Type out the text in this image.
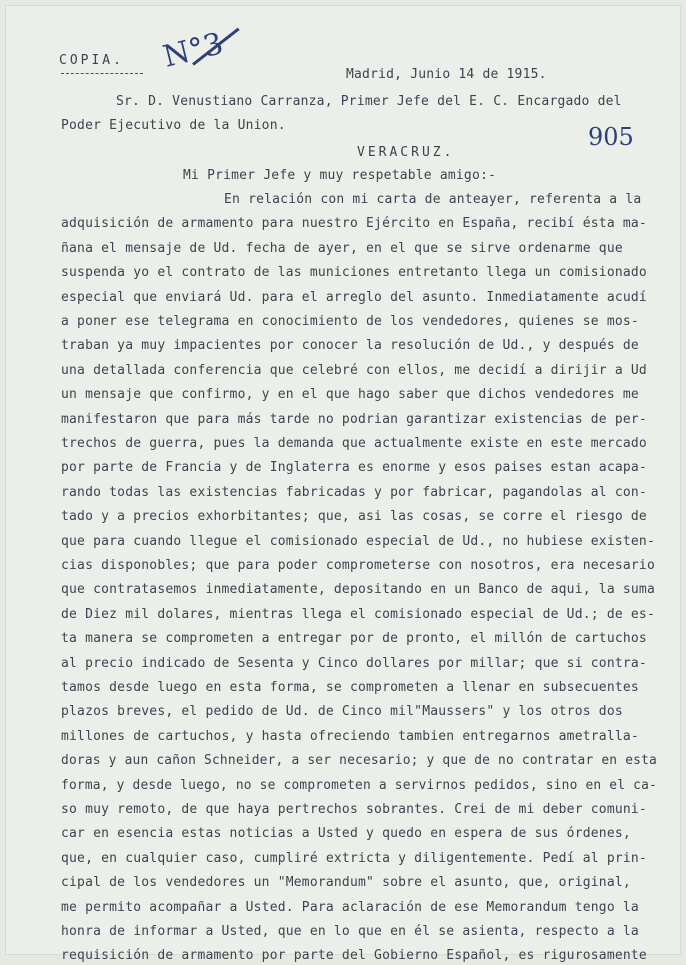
COPIA. N°3
905
Madrid, Junio 14 de 1915.
Sr. D. Venustiano Carranza, Primer Jefe del E. C. Encargado del
Poder Ejecutivo de la Union.
VERACRUZ.
Mi Primer Jefe y muy respetable amigo:-
En relación con mi carta de anteayer, referenta a la
adquisición de armamento para nuestro Ejército en España, recibí ésta ma-
ñana el mensaje de Ud. fecha de ayer, en el que se sirve ordenarme que
suspenda yo el contrato de las municiones entretanto llega un comisionado
especial que enviará Ud. para el arreglo del asunto. Inmediatamente acudí
a poner ese telegrama en conocimiento de los vendedores, quienes se mos-
traban ya muy impacientes por conocer la resolución de Ud., y después de
una detallada conferencia que celebré con ellos, me decidí a dirijir a Ud
un mensaje que confirmo, y en el que hago saber que dichos vendedores me
manifestaron que para más tarde no podrian garantizar existencias de per-
trechos de guerra, pues la demanda que actualmente existe en este mercado
por parte de Francia y de Inglaterra es enorme y esos paises estan acapa-
rando todas las existencias fabricadas y por fabricar, pagandolas al con-
tado y a precios exhorbitantes; que, asi las cosas, se corre el riesgo de
que para cuando llegue el comisionado especial de Ud., no hubiese existen-
cias disponobles; que para poder comprometerse con nosotros, era necesario
que contratasemos inmediatamente, depositando en un Banco de aqui, la suma
de Diez mil dolares, mientras llega el comisionado especial de Ud.; de es-
ta manera se comprometen a entregar por de pronto, el millón de cartuchos
al precio indicado de Sesenta y Cinco dollares por millar; que si contra-
tamos desde luego en esta forma, se comprometen a llenar en subsecuentes
plazos breves, el pedido de Ud. de Cinco mil"Maussers" y los otros dos
millones de cartuchos, y hasta ofreciendo tambien entregarnos ametralla-
doras y aun cañon Schneider, a ser necesario; y que de no contratar en esta
forma, y desde luego, no se comprometen a servirnos pedidos, sino en el ca-
so muy remoto, de que haya pertrechos sobrantes. Crei de mi deber comuni-
car en esencia estas noticias a Usted y quedo en espera de sus órdenes,
que, en cualquier caso, cumpliré extricta y diligentemente. Pedí al prin-
cipal de los vendedores un "Memorandum" sobre el asunto, que, original,
me permito acompañar a Usted. Para aclaración de ese Memorandum tengo la
honra de informar a Usted, que en lo que en él se asienta, respecto a la
requisición de armamento por parte del Gobierno Español, es rigurosamente
